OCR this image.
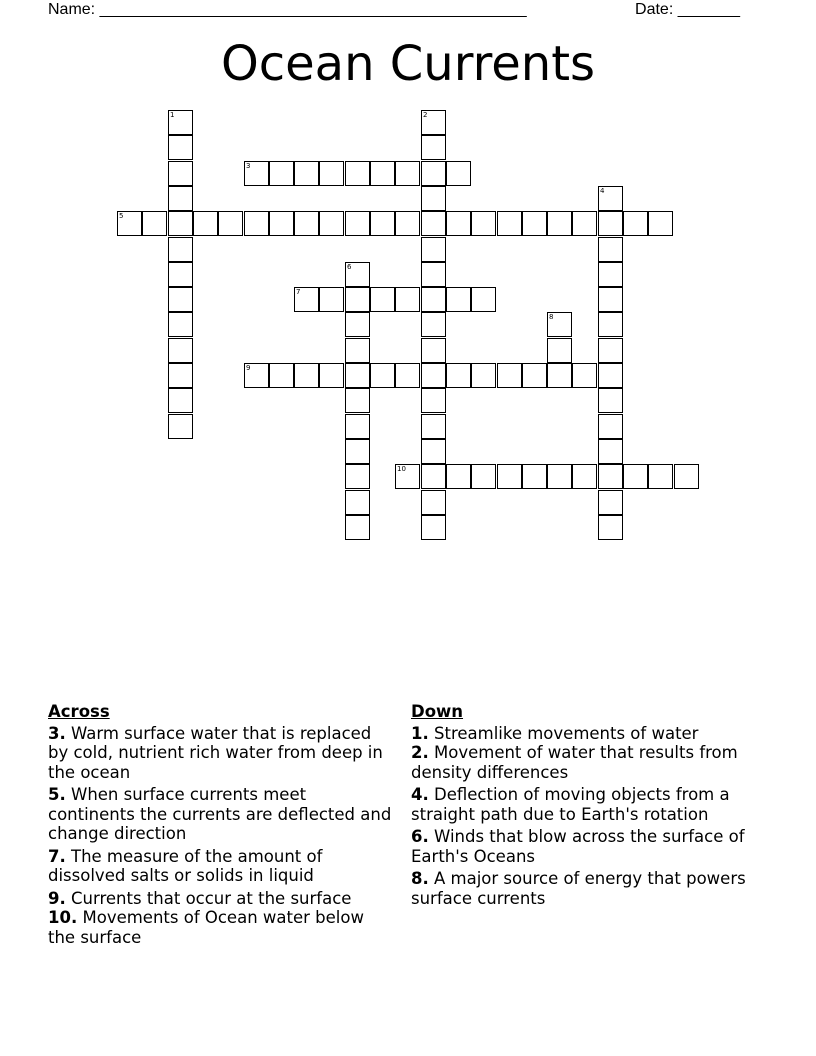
Name: ________________________________________________	Date: _______
Ocean Currents
1	2
3
4
5
6
7
8
9
10
Across
3. Warm surface water that is replaced by cold, nutrient rich water from deep in the ocean
5. When surface currents meet continents the currents are deflected and change direction
7. The measure of the amount of dissolved salts or solids in liquid
9. Currents that occur at the surface
10. Movements of Ocean water below the surface
Down
1. Streamlike movements of water
2. Movement of water that results from density differences
4. Deflection of moving objects from a straight path due to Earth's rotation
6. Winds that blow across the surface of Earth's Oceans
8. A major source of energy that powers surface currents
